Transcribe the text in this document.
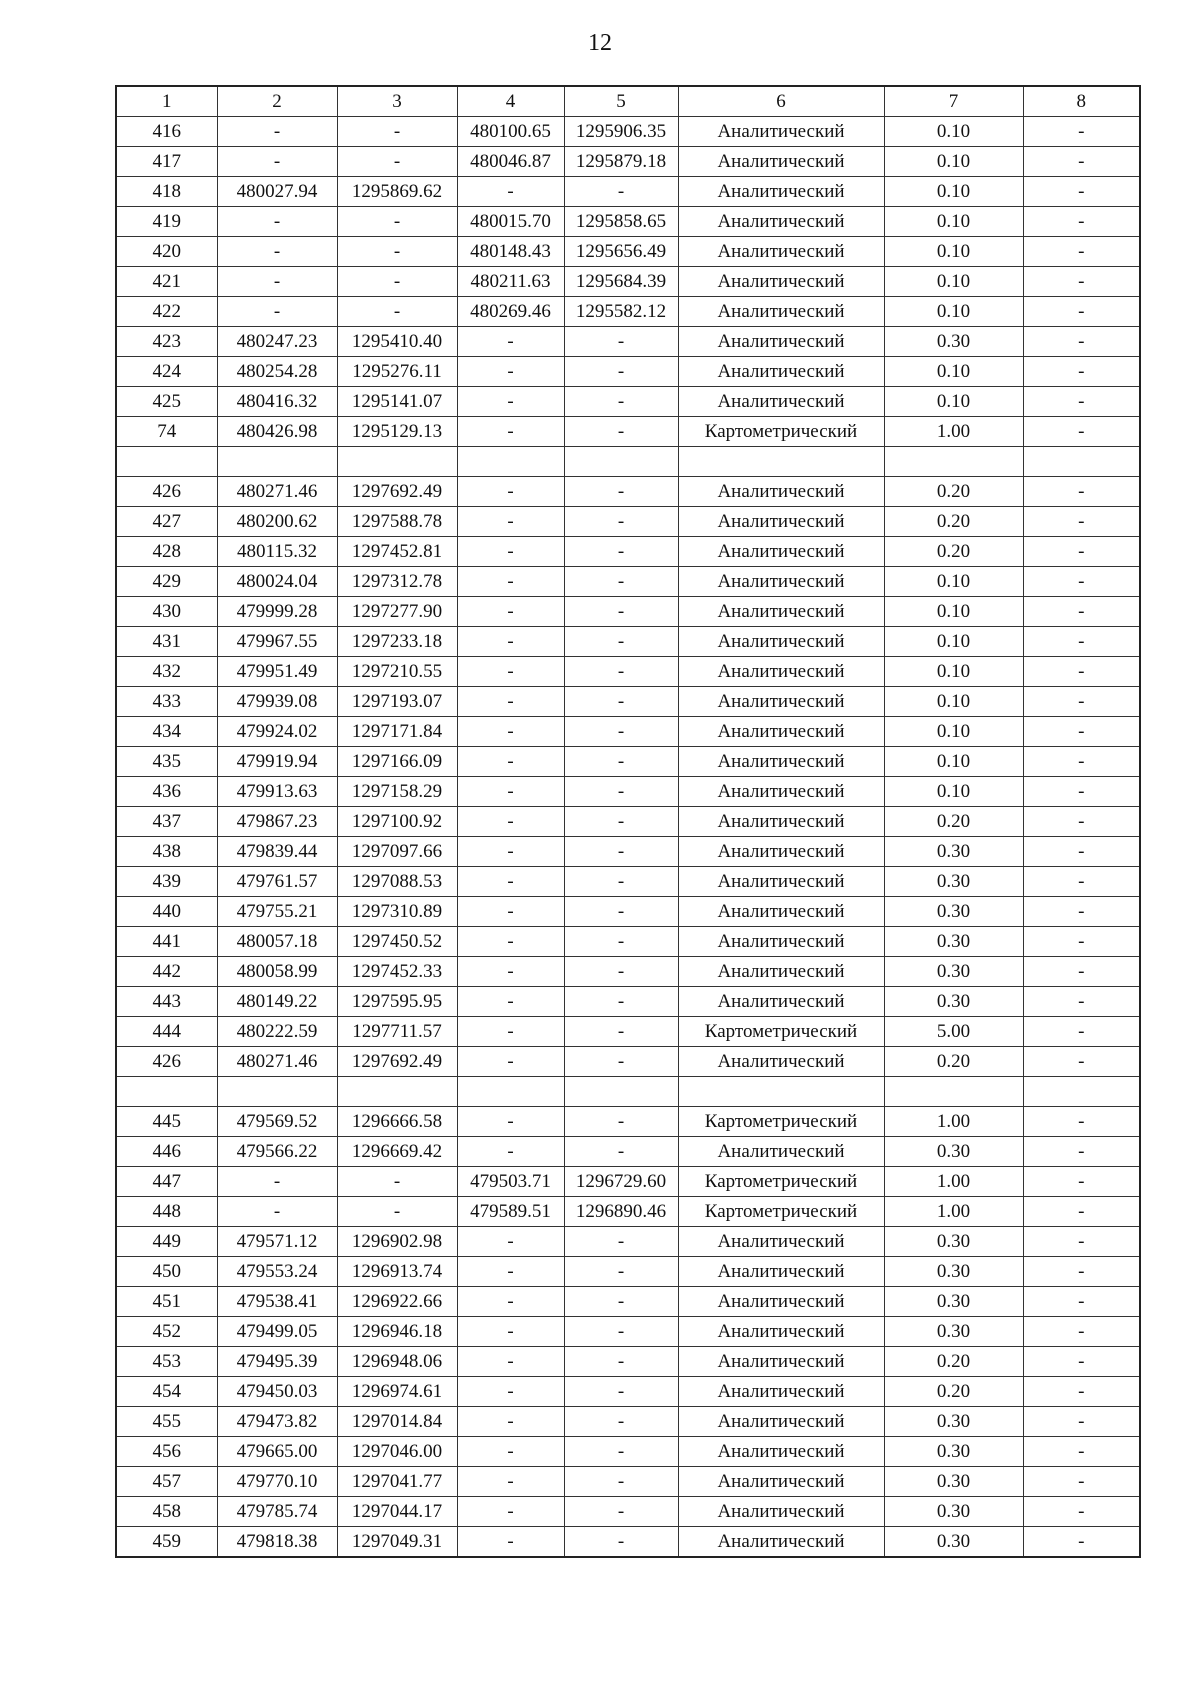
12
1	2	3	4	5	6	7	8
416	-	-	480100.65	1295906.35	Аналитический	0.10	-
417	-	-	480046.87	1295879.18	Аналитический	0.10	-
418	480027.94	1295869.62	-	-	Аналитический	0.10	-
419	-	-	480015.70	1295858.65	Аналитический	0.10	-
420	-	-	480148.43	1295656.49	Аналитический	0.10	-
421	-	-	480211.63	1295684.39	Аналитический	0.10	-
422	-	-	480269.46	1295582.12	Аналитический	0.10	-
423	480247.23	1295410.40	-	-	Аналитический	0.30	-
424	480254.28	1295276.11	-	-	Аналитический	0.10	-
425	480416.32	1295141.07	-	-	Аналитический	0.10	-
74	480426.98	1295129.13	-	-	Картометрический	1.00	-

426	480271.46	1297692.49	-	-	Аналитический	0.20	-
427	480200.62	1297588.78	-	-	Аналитический	0.20	-
428	480115.32	1297452.81	-	-	Аналитический	0.20	-
429	480024.04	1297312.78	-	-	Аналитический	0.10	-
430	479999.28	1297277.90	-	-	Аналитический	0.10	-
431	479967.55	1297233.18	-	-	Аналитический	0.10	-
432	479951.49	1297210.55	-	-	Аналитический	0.10	-
433	479939.08	1297193.07	-	-	Аналитический	0.10	-
434	479924.02	1297171.84	-	-	Аналитический	0.10	-
435	479919.94	1297166.09	-	-	Аналитический	0.10	-
436	479913.63	1297158.29	-	-	Аналитический	0.10	-
437	479867.23	1297100.92	-	-	Аналитический	0.20	-
438	479839.44	1297097.66	-	-	Аналитический	0.30	-
439	479761.57	1297088.53	-	-	Аналитический	0.30	-
440	479755.21	1297310.89	-	-	Аналитический	0.30	-
441	480057.18	1297450.52	-	-	Аналитический	0.30	-
442	480058.99	1297452.33	-	-	Аналитический	0.30	-
443	480149.22	1297595.95	-	-	Аналитический	0.30	-
444	480222.59	1297711.57	-	-	Картометрический	5.00	-
426	480271.46	1297692.49	-	-	Аналитический	0.20	-

445	479569.52	1296666.58	-	-	Картометрический	1.00	-
446	479566.22	1296669.42	-	-	Аналитический	0.30	-
447	-	-	479503.71	1296729.60	Картометрический	1.00	-
448	-	-	479589.51	1296890.46	Картометрический	1.00	-
449	479571.12	1296902.98	-	-	Аналитический	0.30	-
450	479553.24	1296913.74	-	-	Аналитический	0.30	-
451	479538.41	1296922.66	-	-	Аналитический	0.30	-
452	479499.05	1296946.18	-	-	Аналитический	0.30	-
453	479495.39	1296948.06	-	-	Аналитический	0.20	-
454	479450.03	1296974.61	-	-	Аналитический	0.20	-
455	479473.82	1297014.84	-	-	Аналитический	0.30	-
456	479665.00	1297046.00	-	-	Аналитический	0.30	-
457	479770.10	1297041.77	-	-	Аналитический	0.30	-
458	479785.74	1297044.17	-	-	Аналитический	0.30	-
459	479818.38	1297049.31	-	-	Аналитический	0.30	-
